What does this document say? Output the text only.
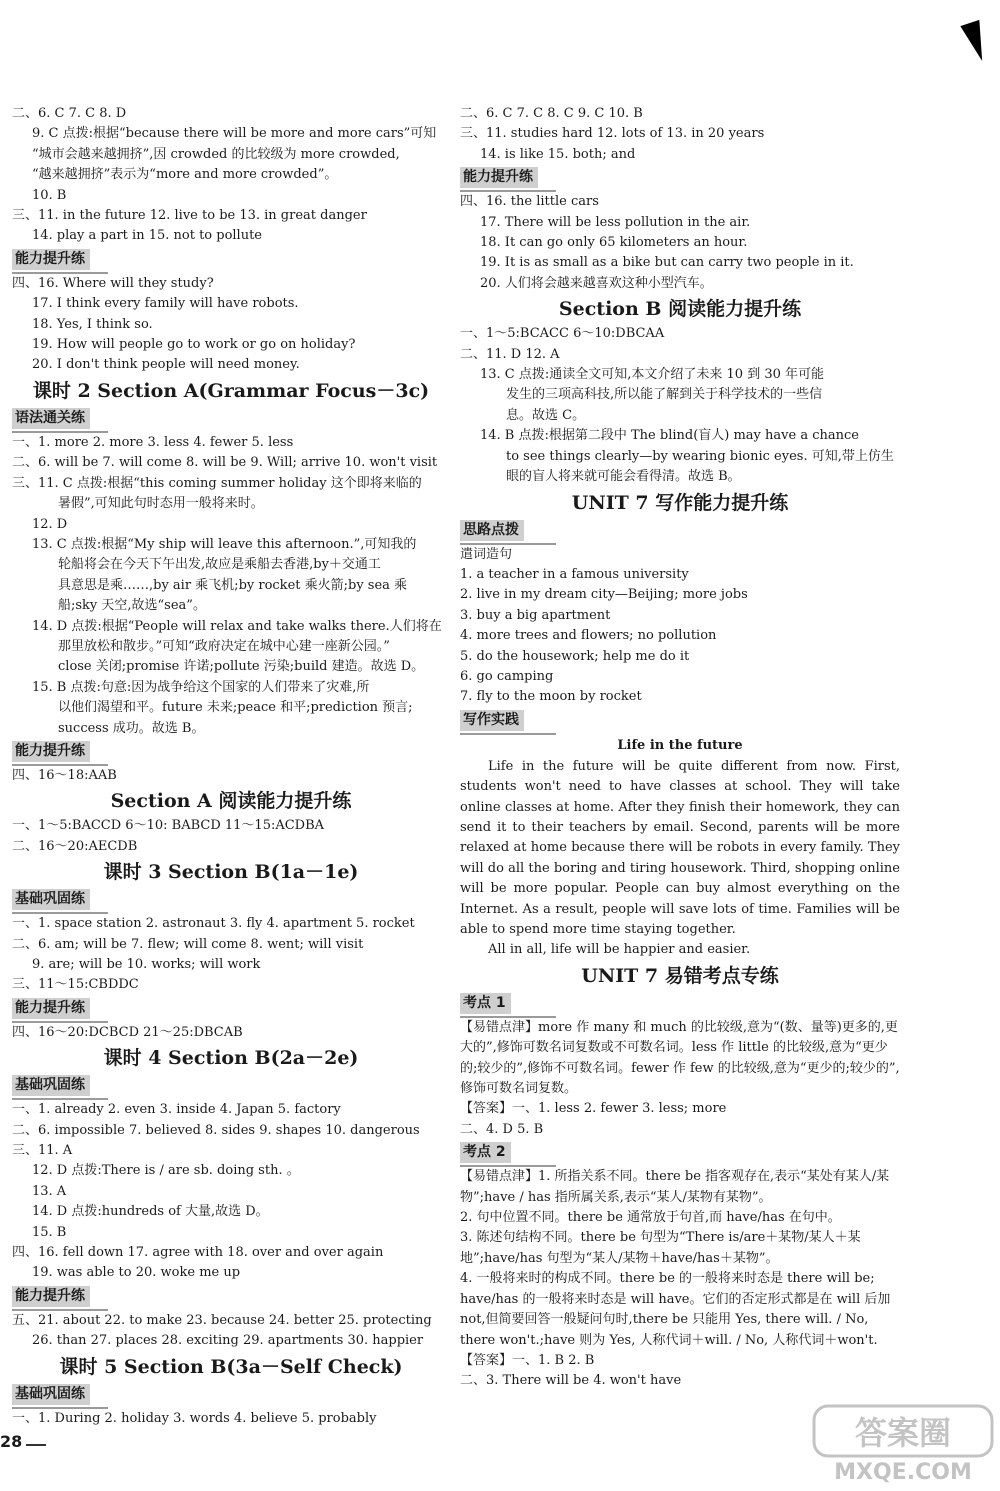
二、6. C 7. C 8. D
9. C 点拨:根据“because there will be more and more cars”可知
“城市会越来越拥挤”,因 crowded 的比较级为 more crowded,
“越来越拥挤”表示为“more and more crowded”。
10. B
三、11. in the future 12. live to be 13. in great danger
14. play a part in 15. not to pollute
能力提升练
四、16. Where will they study?
17. I think every family will have robots.
18. Yes, I think so.
19. How will people go to work or go on holiday?
20. I don't think people will need money.
课时 2 Section A(Grammar Focus－3c)
语法通关练
一、1. more 2. more 3. less 4. fewer 5. less
二、6. will be 7. will come 8. will be 9. Will; arrive 10. won't visit
三、11. C 点拨:根据“this coming summer holiday 这个即将来临的
暑假”,可知此句时态用一般将来时。
12. D
13. C 点拨:根据“My ship will leave this afternoon.”,可知我的
轮船将会在今天下午出发,故应是乘船去香港,by＋交通工
具意思是乘……,by air 乘飞机;by rocket 乘火箭;by sea 乘
船;sky 天空,故选“sea”。
14. D 点拨:根据“People will relax and take walks there.人们将在
那里放松和散步。”可知“政府决定在城中心建一座新公园。”
close 关闭;promise 许诺;pollute 污染;build 建造。故选 D。
15. B 点拨:句意:因为战争给这个国家的人们带来了灾难,所
以他们渴望和平。future 未来;peace 和平;prediction 预言;
success 成功。故选 B。
能力提升练
四、16～18:AAB
Section A 阅读能力提升练
一、1～5:BACCD 6～10: BABCD 11～15:ACDBA
二、16～20:AECDB
课时 3 Section B(1a－1e)
基础巩固练
一、1. space station 2. astronaut 3. fly 4. apartment 5. rocket
二、6. am; will be 7. flew; will come 8. went; will visit
9. are; will be 10. works; will work
三、11～15:CBDDC
能力提升练
四、16～20:DCBCD 21～25:DBCAB
课时 4 Section B(2a－2e)
基础巩固练
一、1. already 2. even 3. inside 4. Japan 5. factory
二、6. impossible 7. believed 8. sides 9. shapes 10. dangerous
三、11. A
12. D 点拨:There is / are sb. doing sth. 。
13. A
14. D 点拨:hundreds of 大量,故选 D。
15. B
四、16. fell down 17. agree with 18. over and over again
19. was able to 20. woke me up
能力提升练
五、21. about 22. to make 23. because 24. better 25. protecting
26. than 27. places 28. exciting 29. apartments 30. happier
课时 5 Section B(3a－Self Check)
基础巩固练
一、1. During 2. holiday 3. words 4. believe 5. probably
二、6. C 7. C 8. C 9. C 10. B
三、11. studies hard 12. lots of 13. in 20 years
14. is like 15. both; and
能力提升练
四、16. the little cars
17. There will be less pollution in the air.
18. It can go only 65 kilometers an hour.
19. It is as small as a bike but can carry two people in it.
20. 人们将会越来越喜欢这种小型汽车。
Section B 阅读能力提升练
一、1～5:BCACC 6～10:DBCAA
二、11. D 12. A
13. C 点拨:通读全文可知,本文介绍了未来 10 到 30 年可能
发生的三项高科技,所以能了解到关于科学技术的一些信
息。故选 C。
14. B 点拨:根据第二段中 The blind(盲人) may have a chance
to see things clearly—by wearing bionic eyes. 可知,带上仿生
眼的盲人将来就可能会看得清。故选 B。
UNIT 7 写作能力提升练
思路点拨
遣词造句
1. a teacher in a famous university
2. live in my dream city—Beijing; more jobs
3. buy a big apartment
4. more trees and flowers; no pollution
5. do the housework; help me do it
6. go camping
7. fly to the moon by rocket
写作实践
Life in the future

Life in the future will be quite different from now. First, students won't need to have classes at school. They will take online classes at home. After they finish their homework, they can send it to their teachers by email. Second, parents will be more relaxed at home because there will be robots in every family. They will do all the boring and tiring housework. Third, shopping online will be more popular. People can buy almost everything on the Internet. As a result, people will save lots of time. Families will be able to spend more time staying together.

All in all, life will be happier and easier.

UNIT 7 易错考点专练
考点 1
【易错点津】more 作 many 和 much 的比较级,意为“(数、量等)更多的,更大的”,修饰可数名词复数或不可数名词。less 作 little 的比较级,意为“更少的;较少的”,修饰不可数名词。fewer 作 few 的比较级,意为“更少的;较少的”,修饰可数名词复数。
【答案】一、1. less 2. fewer 3. less; more
二、4. D 5. B
考点 2
【易错点津】1. 所指关系不同。there be 指客观存在,表示“某处有某人/某物”;have / has 指所属关系,表示“某人/某物有某物”。
2. 句中位置不同。there be 通常放于句首,而 have/has 在句中。
3. 陈述句结构不同。there be 句型为“There is/are＋某物/某人＋某地”;have/has 句型为“某人/某物＋have/has＋某物”。
4. 一般将来时的构成不同。there be 的一般将来时态是 there will be; have/has 的一般将来时态是 will have。它们的否定形式都是在 will 后加 not,但简要回答一般疑问句时,there be 只能用 Yes, there will. / No, there won't.;have 则为 Yes, 人称代词＋will. / No, 人称代词＋won't.
【答案】一、1. B 2. B
二、3. There will be 4. won't have
28	答案圈
MXQE.COM
